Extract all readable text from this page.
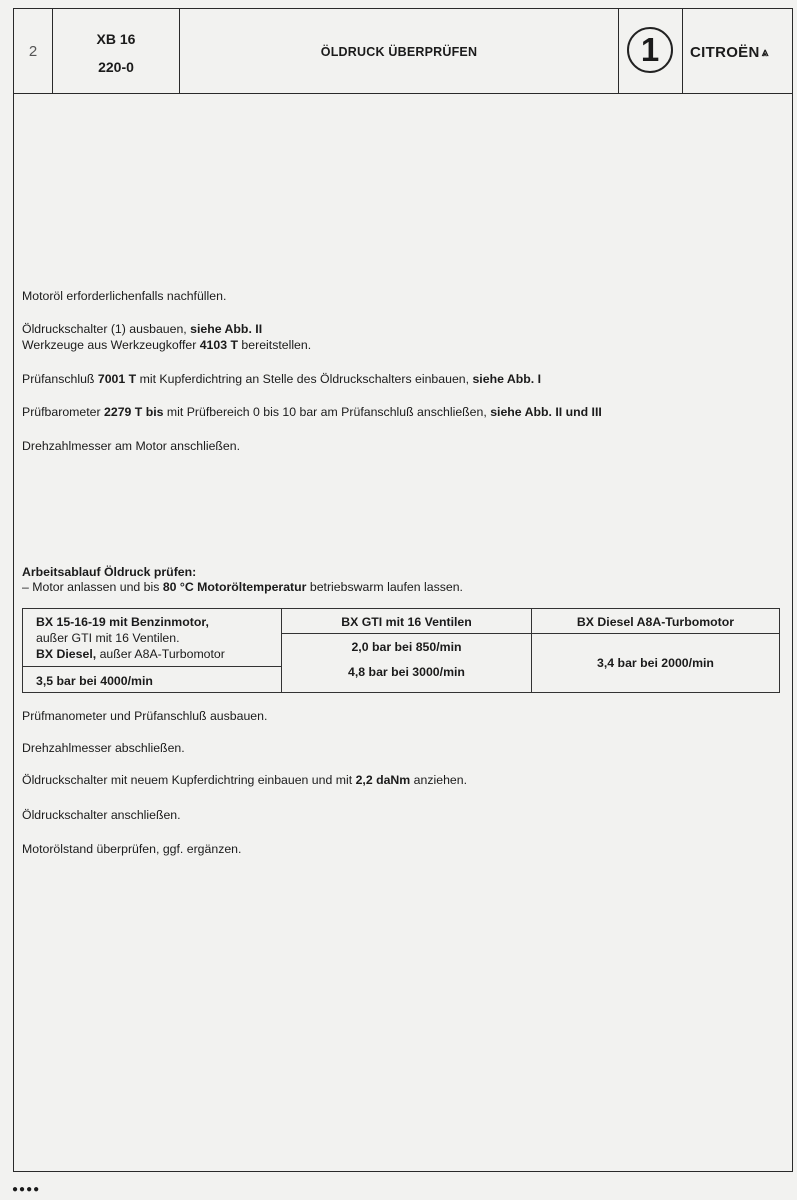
2
XB 16
220-0
ÖLDRUCK ÜBERPRÜFEN	1	CITROËN ⩓
Motoröl erforderlichenfalls nachfüllen.
Öldruckschalter (1) ausbauen, siehe Abb. II
Werkzeuge aus Werkzeugkoffer 4103 T bereitstellen.
Prüfanschluß 7001 T mit Kupferdichtring an Stelle des Öldruckschalters einbauen, siehe Abb. I
Prüfbarometer 2279 T bis mit Prüfbereich 0 bis 10 bar am Prüfanschluß anschließen, siehe Abb. II und III
Drehzahlmesser am Motor anschließen.
Arbeitsablauf Öldruck prüfen:
– Motor anlassen und bis 80 °C Motoröltemperatur betriebswarm laufen lassen.
BX 15-16-19 mit Benzinmotor,
außer GTI mit 16 Ventilen.
BX Diesel, außer A8A-Turbomotor
3,5 bar bei 4000/min
BX GTI mit 16 Ventilen
2,0 bar bei 850/min
4,8 bar bei 3000/min
BX Diesel A8A-Turbomotor
3,4 bar bei 2000/min
Prüfmanometer und Prüfanschluß ausbauen.
Drehzahlmesser abschließen.
Öldruckschalter mit neuem Kupferdichtring einbauen und mit 2,2 daNm anziehen.
Öldruckschalter anschließen.
Motorölstand überprüfen, ggf. ergänzen.
●●●●
